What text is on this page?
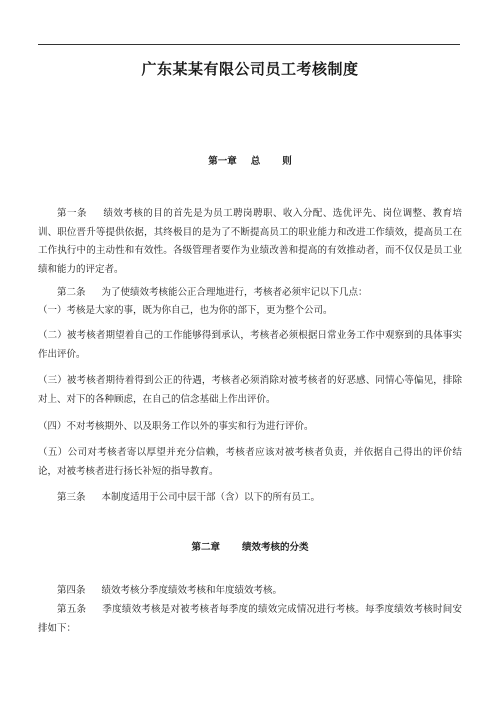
广东某某有限公司员工考核制度
第一章 总 则

第一条 绩效考核的目的首先是为员工聘岗聘职、收入分配、选优评先、岗位调整、教育培训、职位晋升等提供依据，其终极目的是为了不断提高员工的职业能力和改进工作绩效，提高员工在工作执行中的主动性和有效性。各级管理者要作为业绩改善和提高的有效推动者，而不仅仅是员工业绩和能力的评定者。

第二条 为了使绩效考核能公正合理地进行，考核者必须牢记以下几点：

（一）考核是大家的事，既为你自己，也为你的部下，更为整个公司。

（二）被考核者期望着自己的工作能够得到承认，考核者必须根据日常业务工作中观察到的具体事实作出评价。

（三）被考核者期待着得到公正的待遇，考核者必须消除对被考核者的好恶感、同情心等偏见，排除对上、对下的各种顾虑，在自己的信念基础上作出评价。

（四）不对考核期外、以及职务工作以外的事实和行为进行评价。

（五）公司对考核者寄以厚望并充分信赖，考核者应该对被考核者负责，并依据自己得出的评价结论，对被考核者进行扬长补短的指导教育。

第三条 本制度适用于公司中层干部（含）以下的所有员工。

第二章 绩效考核的分类

第四条 绩效考核分季度绩效考核和年度绩效考核。

第五条 季度绩效考核是对被考核者每季度的绩效完成情况进行考核。每季度绩效考核时间安排如下：
